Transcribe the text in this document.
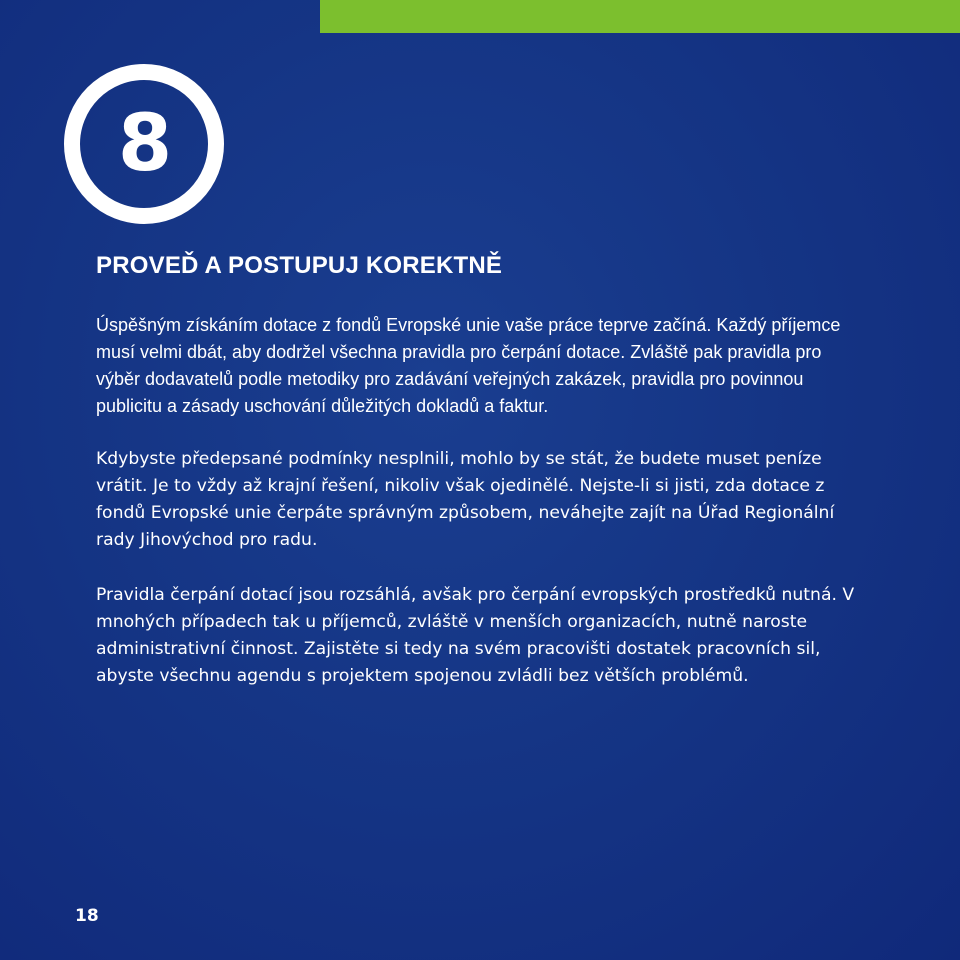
8
PROVEĎ A POSTUPUJ KOREKTNĚ

Úspěšným získáním dotace z fondů Evropské unie vaše práce teprve začíná. Každý příjemce musí velmi dbát, aby dodržel všechna pravidla pro čerpání dotace. Zvláště pak pravidla pro výběr dodavatelů podle metodiky pro zadávání veřejných zakázek, pravidla pro povinnou publicitu a zásady uschování důležitých dokladů a faktur.

Kdybyste předepsané podmínky nesplnili, mohlo by se stát, že budete muset peníze vrátit. Je to vždy až krajní řešení, nikoliv však ojedinělé. Nejste-li si jisti, zda dotace z fondů Evropské unie čerpáte správným způsobem, neváhejte zajít na Úřad Regionální rady Jihovýchod pro radu.

Pravidla čerpání dotací jsou rozsáhlá, avšak pro čerpání evropských prostředků nutná. V mnohých případech tak u příjemců, zvláště v menších organizacích, nutně naroste administrativní činnost. Zajistěte si tedy na svém pracovišti dostatek pracovních sil, abyste všechnu agendu s projektem spojenou zvládli bez větších problémů.

18
